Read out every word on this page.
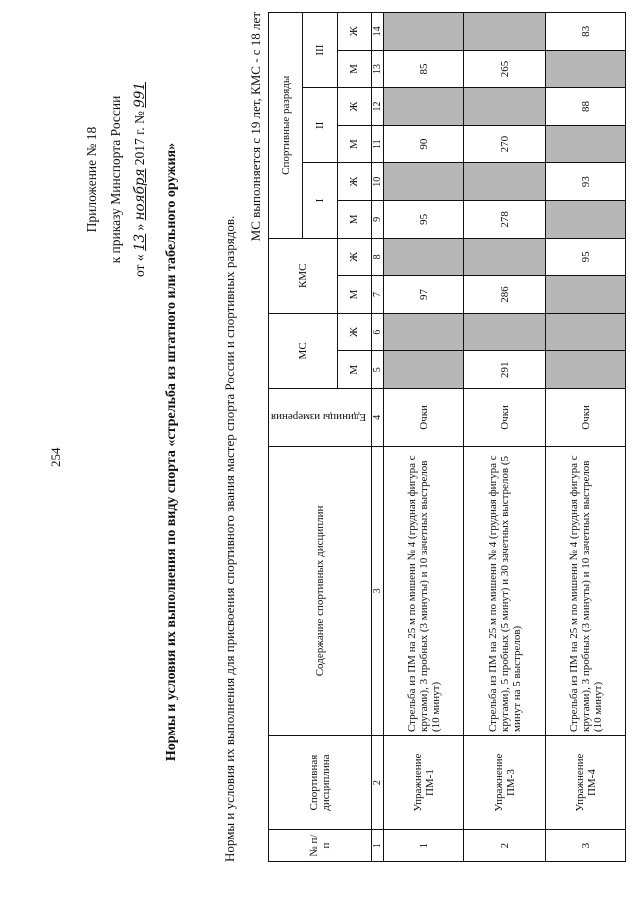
254
Приложение № 18 к приказу Минспорта России
от « 13 » ноября 2017 г. № 991
Нормы и условия их выполнения по виду спорта «стрельба из штатного или табельного оружия»	Нормы и условия их выполнения для присвоения спортивного звания мастер спорта России и спортивных разрядов.
МС выполняется с 19 лет, КМС - с 18 лет
№ п/п	Спортивная дисциплина	Содержание спортивных дисциплин	Единицы измерения	МС		КМС		Спортивные разряды					
								I		II		III	
				М	Ж	М	Ж	М	Ж	М	Ж	М	Ж
1	2	3	4	5	6	7	8	9	10	11	12	13	14
1	Упражнение ПМ-1	Стрельба из ПМ на 25 м по мишени № 4 (грудная фигура с кругами), 3 пробных (3 минуты) и 10 зачетных выстрелов (10 минут)	Очки			97		95		90		85	
2	Упражнение ПМ-3	Стрельба из ПМ на 25 м по мишени № 4 (грудная фигура с кругами), 5 пробных (5 минут) и 30 зачетных выстрелов (5 минут на 5 выстрелов)	Очки	291		286		278		270		265	
3	Упражнение ПМ-4	Стрельба из ПМ на 25 м по мишени № 4 (грудная фигура с кругами), 3 пробных (3 минуты) и 10 зачетных выстрелов (10 минут)	Очки				95		93		88		83
